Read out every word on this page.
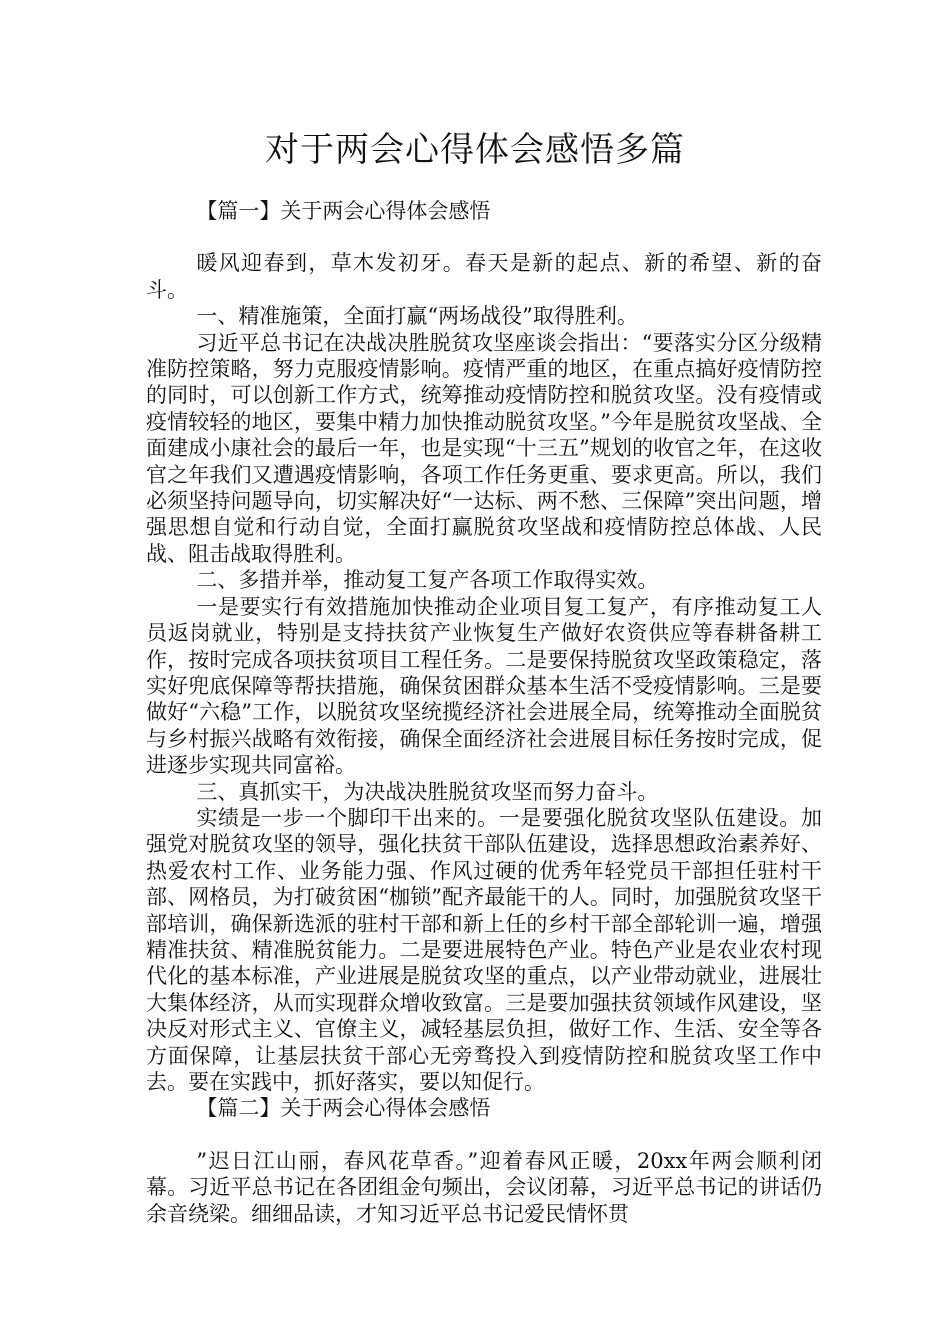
对于两会心得体会感悟多篇

【篇一】关于两会心得体会感悟

暖风迎春到，草木发初牙。春天是新的起点、新的希望、新的奋斗。

一、精准施策，全面打赢“两场战役”取得胜利。

习近平总书记在决战决胜脱贫攻坚座谈会指出：“要落实分区分级精准防控策略，努力克服疫情影响。疫情严重的地区，在重点搞好疫情防控的同时，可以创新工作方式，统筹推动疫情防控和脱贫攻坚。没有疫情或疫情较轻的地区，要集中精力加快推动脱贫攻坚。”今年是脱贫攻坚战、全面建成小康社会的最后一年，也是实现“十三五”规划的收官之年，在这收官之年我们又遭遇疫情影响，各项工作任务更重、要求更高。所以，我们必须坚持问题导向，切实解决好“一达标、两不愁、三保障”突出问题，增强思想自觉和行动自觉，全面打赢脱贫攻坚战和疫情防控总体战、人民战、阻击战取得胜利。

二、多措并举，推动复工复产各项工作取得实效。

一是要实行有效措施加快推动企业项目复工复产，有序推动复工人员返岗就业，特别是支持扶贫产业恢复生产做好农资供应等春耕备耕工作，按时完成各项扶贫项目工程任务。二是要保持脱贫攻坚政策稳定，落实好兜底保障等帮扶措施，确保贫困群众基本生活不受疫情影响。三是要做好“六稳”工作，以脱贫攻坚统揽经济社会进展全局，统筹推动全面脱贫与乡村振兴战略有效衔接，确保全面经济社会进展目标任务按时完成，促进逐步实现共同富裕。

三、真抓实干，为决战决胜脱贫攻坚而努力奋斗。

实绩是一步一个脚印干出来的。一是要强化脱贫攻坚队伍建设。加强党对脱贫攻坚的领导，强化扶贫干部队伍建设，选择思想政治素养好、热爱农村工作、业务能力强、作风过硬的优秀年轻党员干部担任驻村干部、网格员，为打破贫困“枷锁”配齐最能干的人。同时，加强脱贫攻坚干部培训，确保新选派的驻村干部和新上任的乡村干部全部轮训一遍，增强精准扶贫、精准脱贫能力。二是要进展特色产业。特色产业是农业农村现代化的基本标准，产业进展是脱贫攻坚的重点，以产业带动就业，进展壮大集体经济，从而实现群众增收致富。三是要加强扶贫领域作风建设，坚决反对形式主义、官僚主义，减轻基层负担，做好工作、生活、安全等各方面保障，让基层扶贫干部心无旁骛投入到疫情防控和脱贫攻坚工作中去。要在实践中，抓好落实，要以知促行。

【篇二】关于两会心得体会感悟

”迟日江山丽，春风花草香。”迎着春风正暖，20xx年两会顺利闭幕。习近平总书记在各团组金句频出，会议闭幕，习近平总书记的讲话仍余音绕梁。细细品读，才知习近平总书记爱民情怀贯
